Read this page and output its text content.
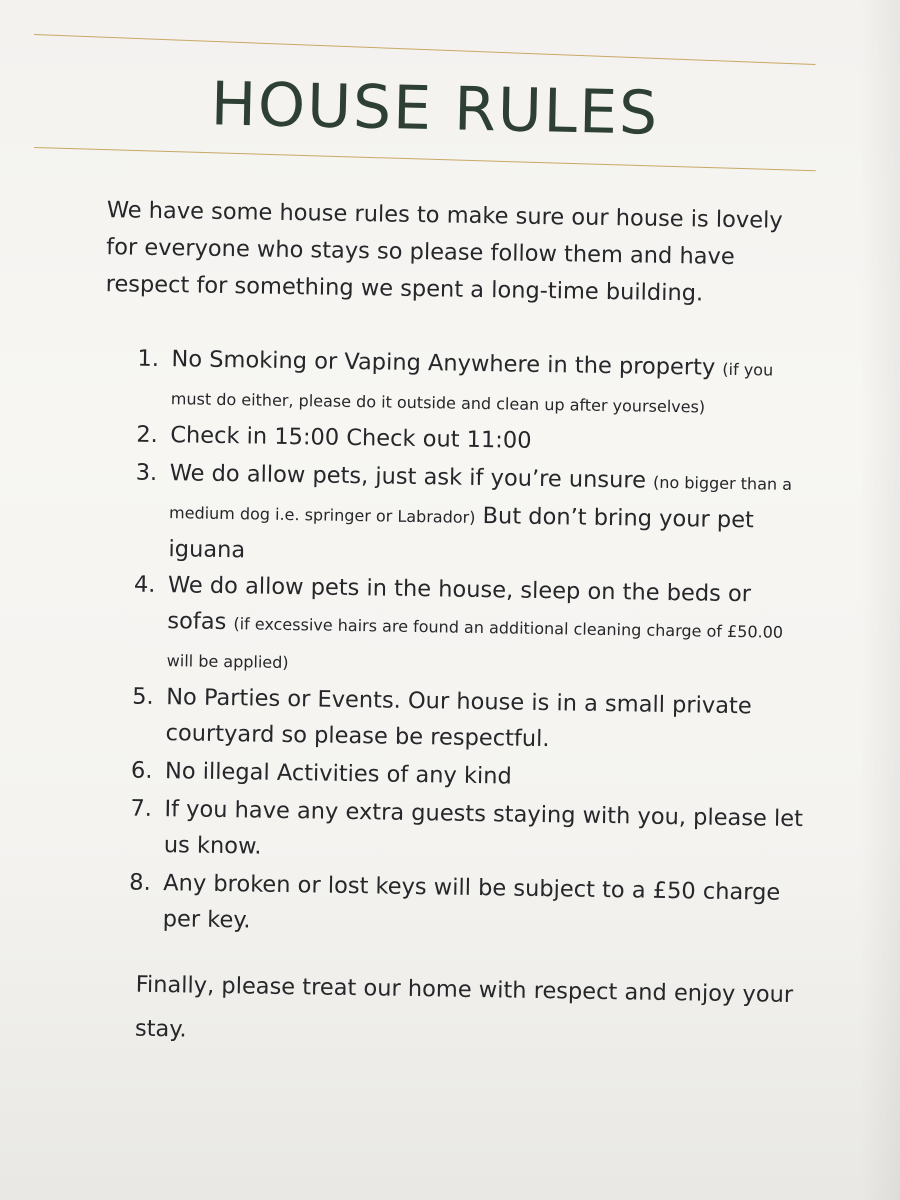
HOUSE RULES

We have some house rules to make sure our house is lovely for everyone who stays so please follow them and have respect for something we spent a long-time building.

1. No Smoking or Vaping Anywhere in the property (if you must do either, please do it outside and clean up after yourselves)
2. Check in 15:00 Check out 11:00
3. We do allow pets, just ask if you’re unsure (no bigger than a medium dog i.e. springer or Labrador) But don’t bring your pet iguana
4. We do allow pets in the house, sleep on the beds or sofas (if excessive hairs are found an additional cleaning charge of £50.00 will be applied)
5. No Parties or Events. Our house is in a small private courtyard so please be respectful.
6. No illegal Activities of any kind
7. If you have any extra guests staying with you, please let us know.
8. Any broken or lost keys will be subject to a £50 charge per key.

Finally, please treat our home with respect and enjoy your stay.
